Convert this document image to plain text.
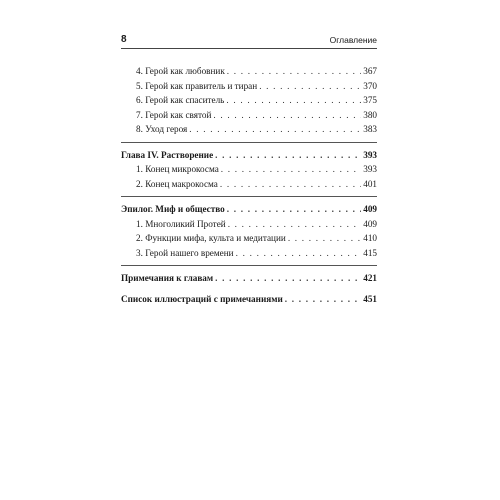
8	Оглавление
4. Герой как любовник . . .	367
5. Герой как правитель и тиран . . .	370
6. Герой как спаситель . . .	375
7. Герой как святой . . .	380
8. Уход героя . . .	383
Глава IV. Растворение . . .	393
1. Конец микрокосма . . .	393
2. Конец макрокосма . . .	401
Эпилог. Миф и общество . . .	409
1. Многоликий Протей . . .	409
2. Функции мифа, культа и медитации . . .	410
3. Герой нашего времени . . .	415
Примечания к главам . . .	421
Список иллюстраций с примечаниями . . .	451
